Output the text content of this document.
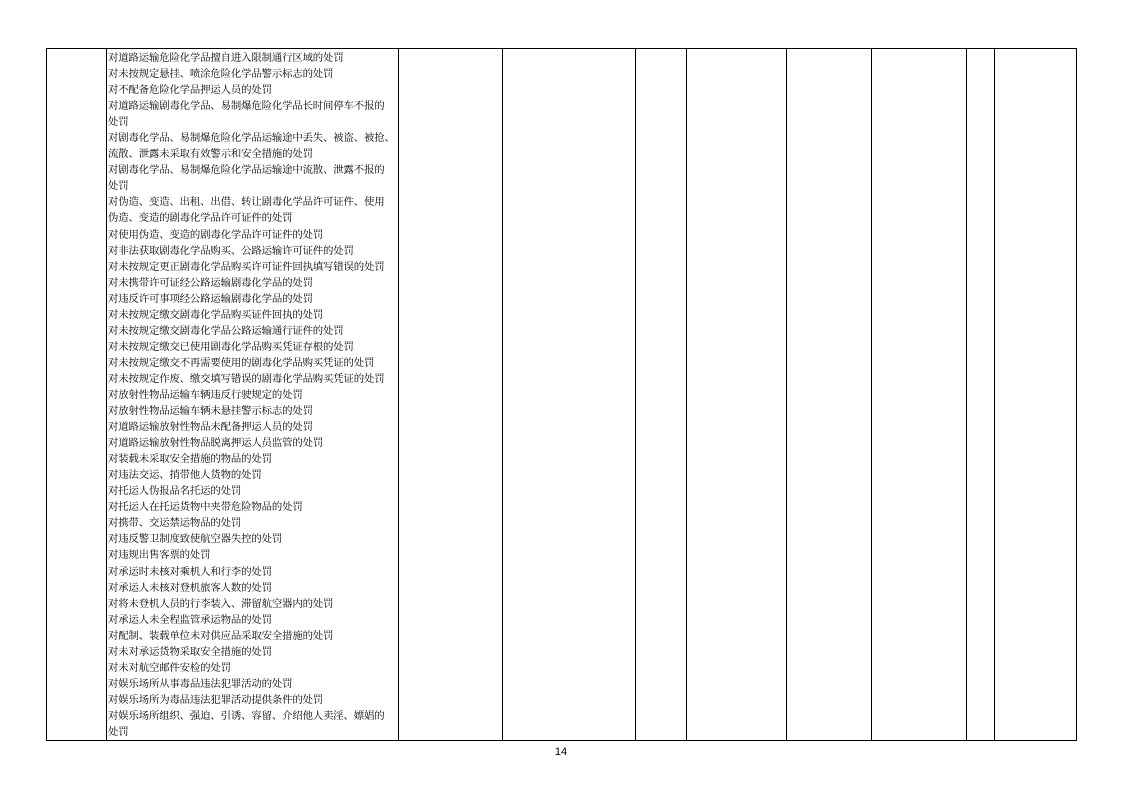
对道路运输危险化学品擅自进入限制通行区域的处罚
对未按规定悬挂、喷涂危险化学品警示标志的处罚
对不配备危险化学品押运人员的处罚
对道路运输剧毒化学品、易制爆危险化学品长时间停车不报的
处罚
对剧毒化学品、易制爆危险化学品运输途中丢失、被盗、被抢、
流散、泄露未采取有效警示和安全措施的处罚
对剧毒化学品、易制爆危险化学品运输途中流散、泄露不报的
处罚
对伪造、变造、出租、出借、转让剧毒化学品许可证件、使用
伪造、变造的剧毒化学品许可证件的处罚
对使用伪造、变造的剧毒化学品许可证件的处罚
对非法获取剧毒化学品购买、公路运输许可证件的处罚
对未按规定更正剧毒化学品购买许可证件回执填写错误的处罚
对未携带许可证经公路运输剧毒化学品的处罚
对违反许可事项经公路运输剧毒化学品的处罚
对未按规定缴交剧毒化学品购买证件回执的处罚
对未按规定缴交剧毒化学品公路运输通行证件的处罚
对未按规定缴交已使用剧毒化学品购买凭证存根的处罚
对未按规定缴交不再需要使用的剧毒化学品购买凭证的处罚
对未按规定作废、缴交填写错误的剧毒化学品购买凭证的处罚
对放射性物品运输车辆违反行驶规定的处罚
对放射性物品运输车辆未悬挂警示标志的处罚
对道路运输放射性物品未配备押运人员的处罚
对道路运输放射性物品脱离押运人员监管的处罚
对装载未采取安全措施的物品的处罚
对违法交运、捎带他人货物的处罚
对托运人伪报品名托运的处罚
对托运人在托运货物中夹带危险物品的处罚
对携带、交运禁运物品的处罚
对违反警卫制度致使航空器失控的处罚
对违规出售客票的处罚
对承运时未核对乘机人和行李的处罚
对承运人未核对登机旅客人数的处罚
对将未登机人员的行李装入、滞留航空器内的处罚
对承运人未全程监管承运物品的处罚
对配制、装载单位未对供应品采取安全措施的处罚
对未对承运货物采取安全措施的处罚
对未对航空邮件安检的处罚
对娱乐场所从事毒品违法犯罪活动的处罚
对娱乐场所为毒品违法犯罪活动提供条件的处罚
对娱乐场所组织、强迫、引诱、容留、介绍他人卖淫、嫖娼的
处罚

14
